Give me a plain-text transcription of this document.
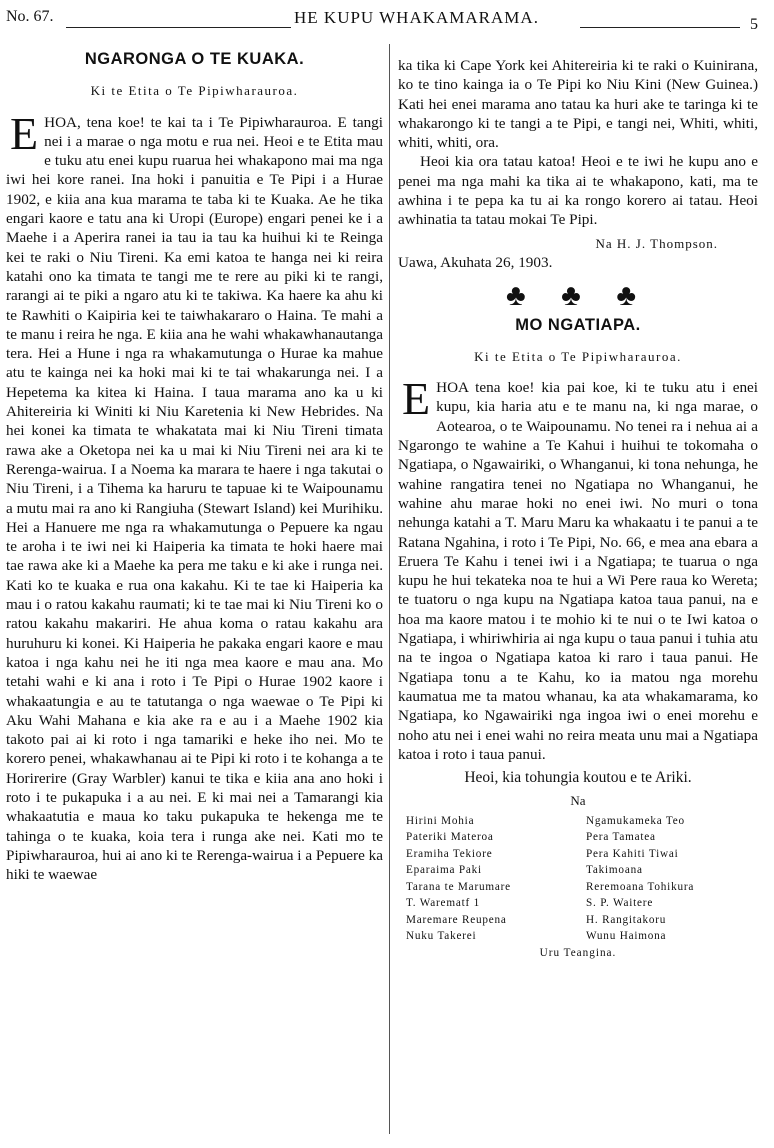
No. 67.	HE KUPU WHAKAMARAMA.	5
NGARONGA O TE KUAKA.
Ki te Etita o Te Pipiwharauroa.

E HOA, tena koe! te kai ta i Te Pipiwharauroa. E tangi nei i a marae o nga motu e rua nei. Heoi e te Etita mau e tuku atu enei kupu ruarua hei whakapono mai ma nga iwi hei kore ranei. Ina hoki i panuitia e Te Pipi i a Hurae 1902, e kiia ana kua marama te taba ki te Kuaka. Ae he tika engari kaore e tatu ana ki Uropi (Europe) engari penei ke i a Maehe i a Aperira ranei ia tau ia tau ka huihui ki te Reinga kei te raki o Niu Tireni. Ka emi katoa te hanga nei ki reira katahi ono ka timata te tangi me te rere au piki ki te rangi, rarangi ai te piki a ngaro atu ki te takiwa. Ka haere ka ahu ki te Rawhiti o Kaipiria kei te taiwhakararo o Haina. Te mahi a te manu i reira he nga. E kiia ana he wahi whakawhanautanga tera. Hei a Hune i nga ra whakamutunga o Hurae ka mahue atu te kainga nei ka hoki mai ki te tai whakarunga nei. I a Hepetema ka kitea ki Haina. I taua marama ano ka u ki Ahitereiria ki Winiti ki Niu Karetenia ki New Hebrides. Na hei konei ka timata te whakatata mai ki Niu Tireni timata rawa ake a Oketopa nei ka u mai ki Niu Tireni nei ara ki te Rerenga-wairua. I a Noema ka marara te haere i nga takutai o Niu Tireni, i a Tihema ka haruru te tapuae ki te Waipounamu a mutu mai ra ano ki Rangiuha (Stewart Island) kei Murihiku. Hei a Hanuere me nga ra whakamutunga o Pepuere ka ngau te aroha i te iwi nei ki Haiperia ka timata te hoki haere mai tae rawa ake ki a Maehe ka pera me taku e ki ake i runga nei. Kati ko te kuaka e rua ona kakahu. Ki te tae ki Haiperia ka mau i o ratou kakahu raumati; ki te tae mai ki Niu Tireni ko o ratou kakahu makariri. He ahua koma o ratau kakahu ara huruhuru ki konei. Ki Haiperia he pakaka engari kaore e mau katoa i nga kahu nei he iti nga mea kaore e mau ana. Mo tetahi wahi e ki ana i roto i Te Pipi o Hurae 1902 kaore i whakaatungia e au te tatutanga o nga waewae o Te Pipi ki Aku Wahi Mahana e kia ake ra e au i a Maehe 1902 kia takoto pai ai ki roto i nga tamariki e heke iho nei. Mo te korero penei, whakawhanau ai te Pipi ki roto i te kohanga a te Horirerire (Gray Warbler) kanui te tika e kiia ana ano hoki i roto i te pukapuka i a au nei. E ki mai nei a Tamarangi kia whakaatutia e maua ko taku pukapuka te hekenga me te tahinga o te kuaka, koia tera i runga ake nei. Kati mo te Pipiwharauroa, hui ai ano ki te Rerenga-wairua i a Pepuere ka hiki te waewae

ka tika ki Cape York kei Ahitereiria ki te raki o Kuinirana, ko te tino kainga ia o Te Pipi ko Niu Kini (New Guinea.) Kati hei enei marama ano tatau ka huri ake te taringa ki te whakarongo ki te tangi a te Pipi, e tangi nei, Whiti, whiti, whiti, whiti, ora.

Heoi kia ora tatau katoa! Heoi e te iwi he kupu ano e penei ma nga mahi ka tika ai te whakapono, kati, ma te awhina i te pepa ka tu ai ka rongo korero ai tatau. Heoi awhinatia ta tatau mokai Te Pipi.

Na H. J. Thompson.

Uawa, Akuhata 26, 1903.

♣ ♣ ♣
MO NGATIAPA.
Ki te Etita o Te Pipiwharauroa.

E HOA tena koe! kia pai koe, ki te tuku atu i enei kupu, kia haria atu e te manu na, ki nga marae, o Aotearoa, o te Waipounamu. No tenei ra i nehua ai a Ngarongo te wahine a Te Kahui i huihui te tokomaha o Ngatiapa, o Ngawairiki, o Whanganui, ki tona nehunga, he wahine rangatira tenei no Ngatiapa no Whanganui, he wahine ahu marae hoki no enei iwi. No muri o tona nehunga katahi a T. Maru Maru ka whakaatu i te panui a te Ratana Ngahina, i roto i Te Pipi, No. 66, e mea ana ebara a Eruera Te Kahu i tenei iwi i a Ngatiapa; te tuarua o nga kupu he hui tekateka noa te hui a Wi Pere raua ko Wereta; te tuatoru o nga kupu na Ngatiapa katoa taua panui, na e hoa ma kaore matou i te mohio ki te nui o te Iwi katoa o Ngatiapa, i whiriwhiria ai nga kupu o taua panui i tuhia atu na te ingoa o Ngatiapa katoa ki raro i taua panui. He Ngatiapa tonu a te Kahu, ko ia matou nga morehu kaumatua me ta matou whanau, ka ata whakamarama, ko Ngatiapa, ko Ngawairiki nga ingoa iwi o enei morehu e noho atu nei i enei wahi no reira meata unu mai a Ngatiapa katoa i roto i taua panui.

Heoi, kia tohungia koutou e te Ariki.
Na
Hirini Mohia	Ngamukameka Teo
Pateriki Materoa	Pera Tamatea
Eramiha Tekiore	Pera Kahiti Tiwai
Eparaima Paki	Takimoana
Tarana te Marumare	Reremoana Tohikura
T. Warematf 1	S. P. Waitere
Maremare Reupena	H. Rangitakoru
Nuku Takerei	Wunu Haimona
Uru Teangina.
